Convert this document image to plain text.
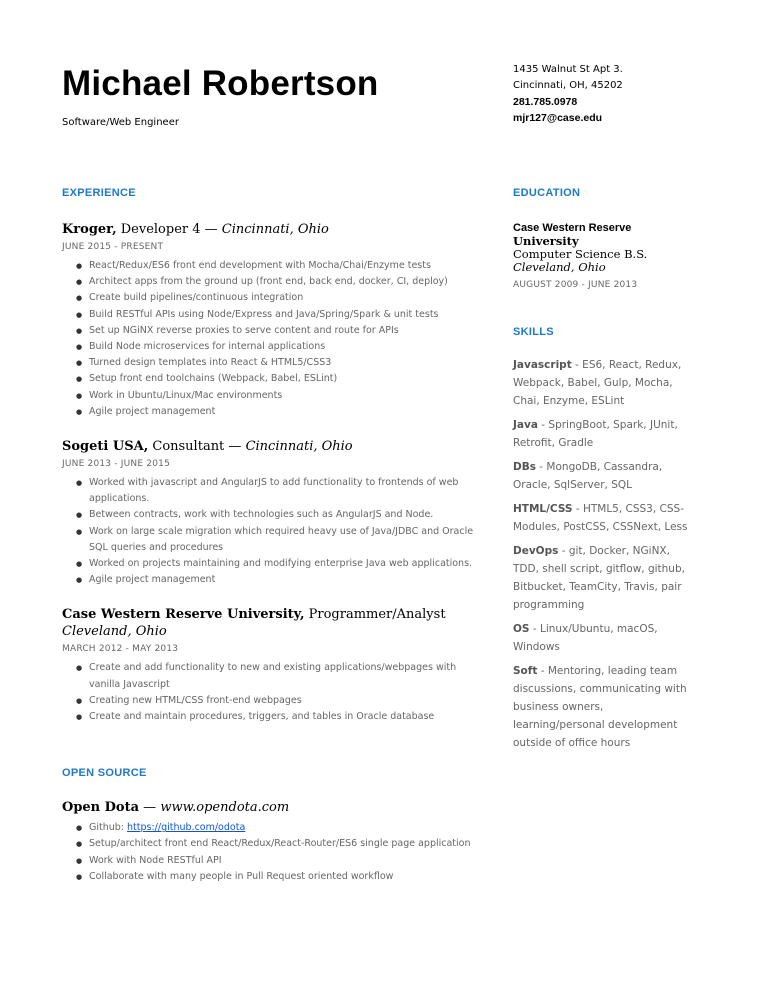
Michael Robertson
Software/Web Engineer
1435 Walnut St Apt 3.
Cincinnati, OH, 45202
281.785.0978
mjr127@case.edu
EXPERIENCE
Kroger, Developer 4 — Cincinnati, Ohio
JUNE 2015 - PRESENT
● React/Redux/ES6 front end development with Mocha/Chai/Enzyme tests
● Architect apps from the ground up (front end, back end, docker, CI, deploy)
● Create build pipelines/continuous integration
● Build RESTful APIs using Node/Express and Java/Spring/Spark & unit tests
● Set up NGiNX reverse proxies to serve content and route for APIs
● Build Node microservices for internal applications
● Turned design templates into React & HTML5/CSS3
● Setup front end toolchains (Webpack, Babel, ESLint)
● Work in Ubuntu/Linux/Mac environments
● Agile project management
Sogeti USA, Consultant — Cincinnati, Ohio
JUNE 2013 - JUNE 2015
● Worked with javascript and AngularJS to add functionality to frontends of web applications.
● Between contracts, work with technologies such as AngularJS and Node.
● Work on large scale migration which required heavy use of Java/JDBC and Oracle SQL queries and procedures
● Worked on projects maintaining and modifying enterprise Java web applications.
● Agile project management
Case Western Reserve University, Programmer/Analyst
Cleveland, Ohio
MARCH 2012 - MAY 2013
● Create and add functionality to new and existing applications/webpages with vanilla Javascript
● Creating new HTML/CSS front-end webpages
● Create and maintain procedures, triggers, and tables in Oracle database
OPEN SOURCE
Open Dota — www.opendota.com
● Github: https://github.com/odota
● Setup/architect front end React/Redux/React-Router/ES6 single page application
● Work with Node RESTful API
● Collaborate with many people in Pull Request oriented workflow
EDUCATION
Case Western Reserve
University
Computer Science B.S.
Cleveland, Ohio
AUGUST 2009 - JUNE 2013
SKILLS
Javascript - ES6, React, Redux, Webpack, Babel, Gulp, Mocha, Chai, Enzyme, ESLint
Java - SpringBoot, Spark, JUnit, Retrofit, Gradle
DBs - MongoDB, Cassandra, Oracle, SqlServer, SQL
HTML/CSS - HTML5, CSS3, CSS-Modules, PostCSS, CSSNext, Less
DevOps - git, Docker, NGiNX, TDD, shell script, gitflow, github, Bitbucket, TeamCity, Travis, pair programming
OS - Linux/Ubuntu, macOS, Windows
Soft - Mentoring, leading team discussions, communicating with business owners, learning/personal development outside of office hours
